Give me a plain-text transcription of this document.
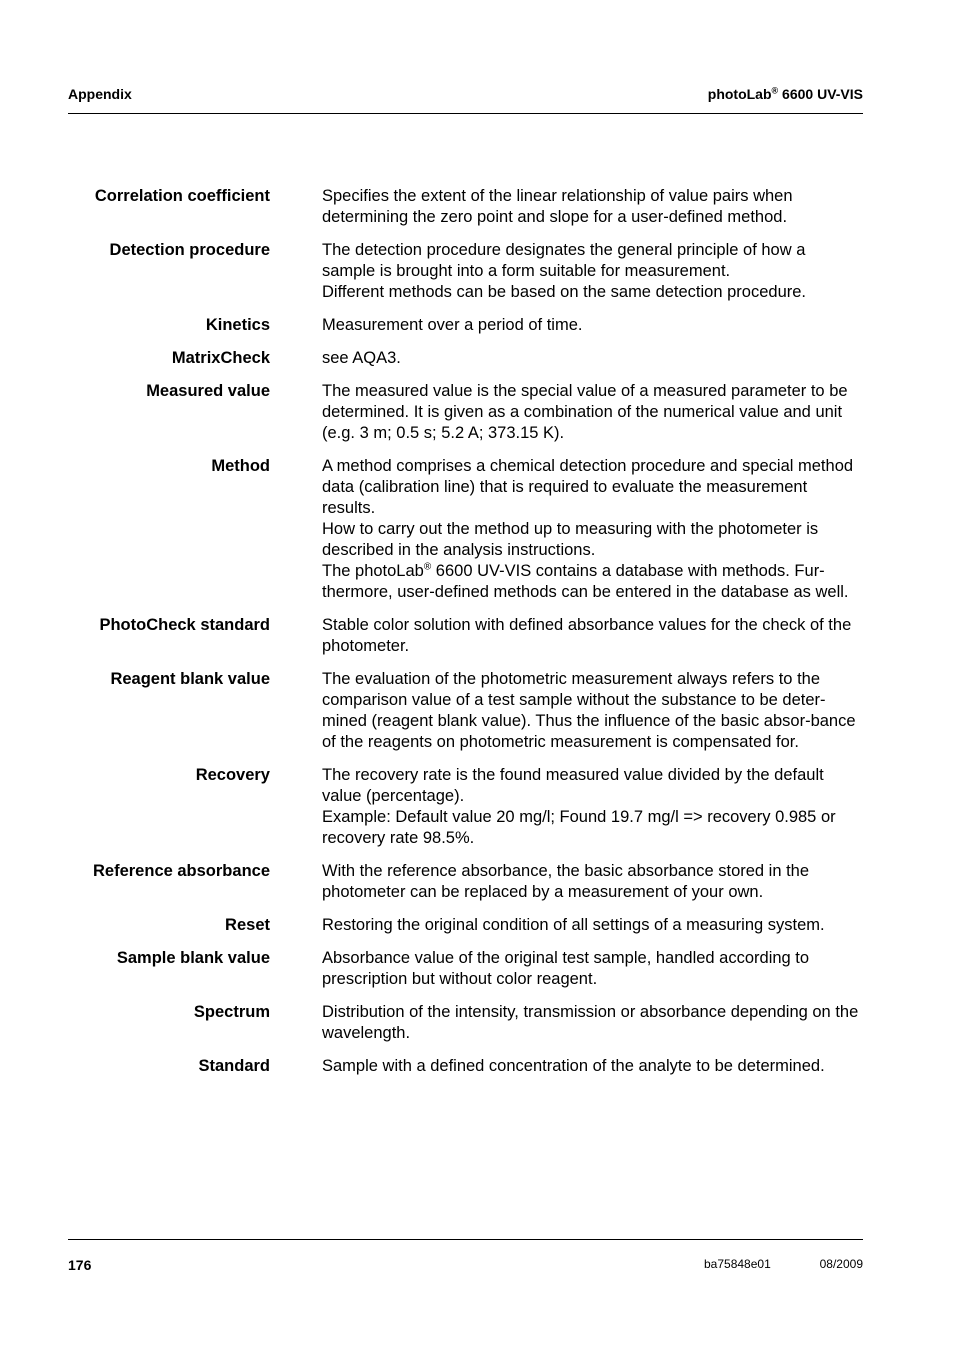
Appendix	photoLab® 6600 UV-VIS
Correlation coefficient	Specifies the extent of the linear relationship of value pairs when determining the zero point and slope for a user-defined method.

Detection procedure	The detection procedure designates the general principle of how a sample is brought into a form suitable for measurement.

Different methods can be based on the same detection procedure.

Kinetics	Measurement over a period of time.

MatrixCheck	see AQA3.

Measured value	The measured value is the special value of a measured parameter to be determined. It is given as a combination of the numerical value and unit (e.g. 3 m; 0.5 s; 5.2 A; 373.15 K).

Method	A method comprises a chemical detection procedure and special method data (calibration line) that is required to evaluate the measurement results.

How to carry out the method up to measuring with the photometer is described in the analysis instructions.

The photoLab® 6600 UV-VIS contains a database with methods. Fur-thermore, user-defined methods can be entered in the database as well.

PhotoCheck standard	Stable color solution with defined absorbance values for the check of the photometer.

Reagent blank value	The evaluation of the photometric measurement always refers to the comparison value of a test sample without the substance to be deter-mined (reagent blank value). Thus the influence of the basic absor-bance of the reagents on photometric measurement is compensated for.

Recovery	The recovery rate is the found measured value divided by the default value (percentage).

Example: Default value 20 mg/l; Found 19.7 mg/l => recovery 0.985 or recovery rate 98.5%.

Reference absorbance	With the reference absorbance, the basic absorbance stored in the photometer can be replaced by a measurement of your own.

Reset	Restoring the original condition of all settings of a measuring system.

Sample blank value	Absorbance value of the original test sample, handled according to prescription but without color reagent.

Spectrum	Distribution of the intensity, transmission or absorbance depending on the wavelength.

Standard	Sample with a defined concentration of the analyte to be determined.

176	ba75848e01	08/2009
